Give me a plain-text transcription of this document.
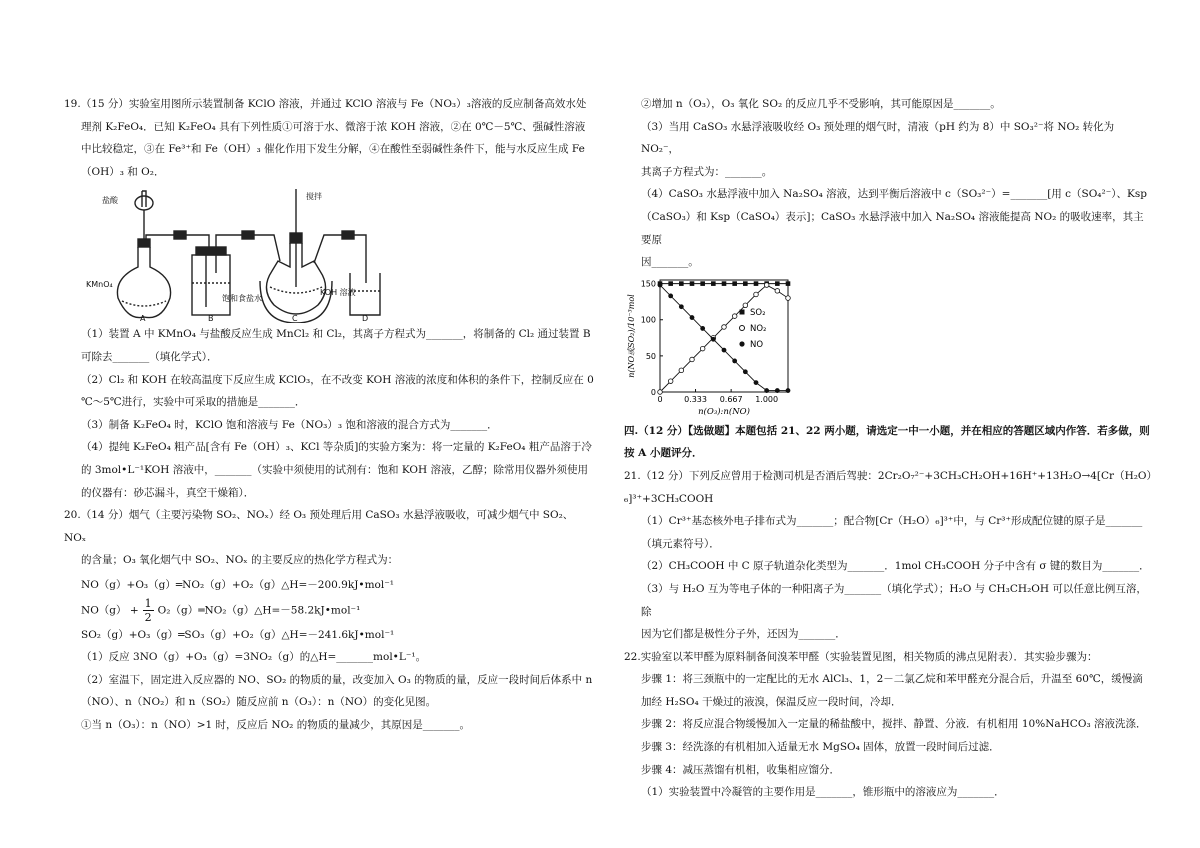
19.（15 分）实验室用图所示装置制备 KClO 溶液，并通过 KClO 溶液与 Fe（NO₃）₃溶液的反应制备高效水处

理剂 K₂FeO₄．已知 K₂FeO₄ 具有下列性质①可溶于水、微溶于浓 KOH 溶液，②在 0℃－5℃、强碱性溶液

中比较稳定，③在 Fe³⁺和 Fe（OH）₃ 催化作用下发生分解，④在酸性至弱碱性条件下，能与水反应生成 Fe

（OH）₃ 和 O₂．

盐酸	搅拌
KMnO₄
饱和食盐水
KOH 溶液
A	B	C	D

（1）装置 A 中 KMnO₄ 与盐酸反应生成 MnCl₂ 和 Cl₂，其离子方程式为_______，将制备的 Cl₂ 通过装置 B

可除去_______（填化学式）．

（2）Cl₂ 和 KOH 在较高温度下反应生成 KClO₃，在不改变 KOH 溶液的浓度和体积的条件下，控制反应在 0

℃～5℃进行，实验中可采取的措施是_______．

（3）制备 K₂FeO₄ 时，KClO 饱和溶液与 Fe（NO₃）₃ 饱和溶液的混合方式为_______．

（4）提纯 K₂FeO₄ 粗产品[含有 Fe（OH）₃、KCl 等杂质]的实验方案为：将一定量的 K₂FeO₄ 粗产品溶于冷

的 3mol•L⁻¹KOH 溶液中，_______（实验中须使用的试剂有：饱和 KOH 溶液，乙醇；除常用仪器外须使用

的仪器有：砂芯漏斗，真空干燥箱）．

20.（14 分）烟气（主要污染物 SO₂、NOₓ）经 O₃ 预处理后用 CaSO₃ 水悬浮液吸收，可减少烟气中 SO₂、NOₓ

的含量；O₃ 氧化烟气中 SO₂、NOₓ 的主要反应的热化学方程式为：

NO（g）+O₃（g）═NO₂（g）+O₂（g）△H=－200.9kJ•mol⁻¹

$NO(g) + \frac{1}{2}$ O₂（g）═NO₂（g）△H=－58.2kJ•mol⁻¹

SO₂（g）+O₃（g）═SO₃（g）+O₂（g）△H=－241.6kJ•mol⁻¹

（1）反应 3NO（g）+O₃（g）=3NO₂（g）的△H=_______mol•L⁻¹。

（2）室温下，固定进入反应器的 NO、SO₂ 的物质的量，改变加入 O₃ 的物质的量，反应一段时间后体系中 n

（NO）、n（NO₂）和 n（SO₂）随反应前 n（O₃）：n（NO）的变化见图。

①当 n（O₃）：n（NO）>1 时，反应后 NO₂ 的物质的量减少，其原因是_______。

②增加 n（O₃），O₃ 氧化 SO₂ 的反应几乎不受影响，其可能原因是_______。

（3）当用 CaSO₃ 水悬浮液吸收经 O₃ 预处理的烟气时，清液（pH 约为 8）中 SO₃²⁻将 NO₂ 转化为 NO₂⁻，

其离子方程式为：_______。

（4）CaSO₃ 水悬浮液中加入 Na₂SO₄ 溶液，达到平衡后溶液中 c（SO₃²⁻）=_______[用 c（SO₄²⁻）、Ksp

（CaSO₃）和 Ksp（CaSO₄）表示]；CaSO₃ 水悬浮液中加入 Na₂SO₄ 溶液能提高 NO₂ 的吸收速率，其主要原

因_______。

0
50
100
150
0	0.333 0.667 1.000
n(O₃):n(NO)
n(NO或SO₂)/10⁻³mol	SO₂
NO₂
NO

四.（12 分）【选做题】本题包括 21、22 两小题，请选定一中一小题，并在相应的答题区域内作答．若多做，则

按 A 小题评分．

21.（12 分）下列反应曾用于检测司机是否酒后驾驶：2Cr₂O₇²⁻+3CH₃CH₂OH+16H⁺+13H₂O→4[Cr（H₂O）

₆]³⁺+3CH₃COOH

（1）Cr³⁺基态核外电子排布式为_______；配合物[Cr（H₂O）₆]³⁺中，与 Cr³⁺形成配位键的原子是_______

（填元素符号）．

（2）CH₃COOH 中 C 原子轨道杂化类型为_______．1mol CH₃COOH 分子中含有 σ 键的数目为_______．

（3）与 H₂O 互为等电子体的一种阳离子为_______（填化学式）；H₂O 与 CH₃CH₂OH 可以任意比例互溶，除

因为它们都是极性分子外，还因为_______．

22.实验室以苯甲醛为原料制备间溴苯甲醛（实验装置见图，相关物质的沸点见附表）．其实验步骤为：

步骤 1：将三颈瓶中的一定配比的无水 AlCl₃、1，2－二氯乙烷和苯甲醛充分混合后，升温至 60℃，缓慢滴

加经 H₂SO₄ 干燥过的液溴，保温反应一段时间，冷却．

步骤 2：将反应混合物缓慢加入一定量的稀盐酸中，搅拌、静置、分液．有机相用 10%NaHCO₃ 溶液洗涤．

步骤 3：经洗涤的有机相加入适量无水 MgSO₄ 固体，放置一段时间后过滤．

步骤 4：减压蒸馏有机相，收集相应馏分．

（1）实验装置中冷凝管的主要作用是_______，锥形瓶中的溶液应为_______．
